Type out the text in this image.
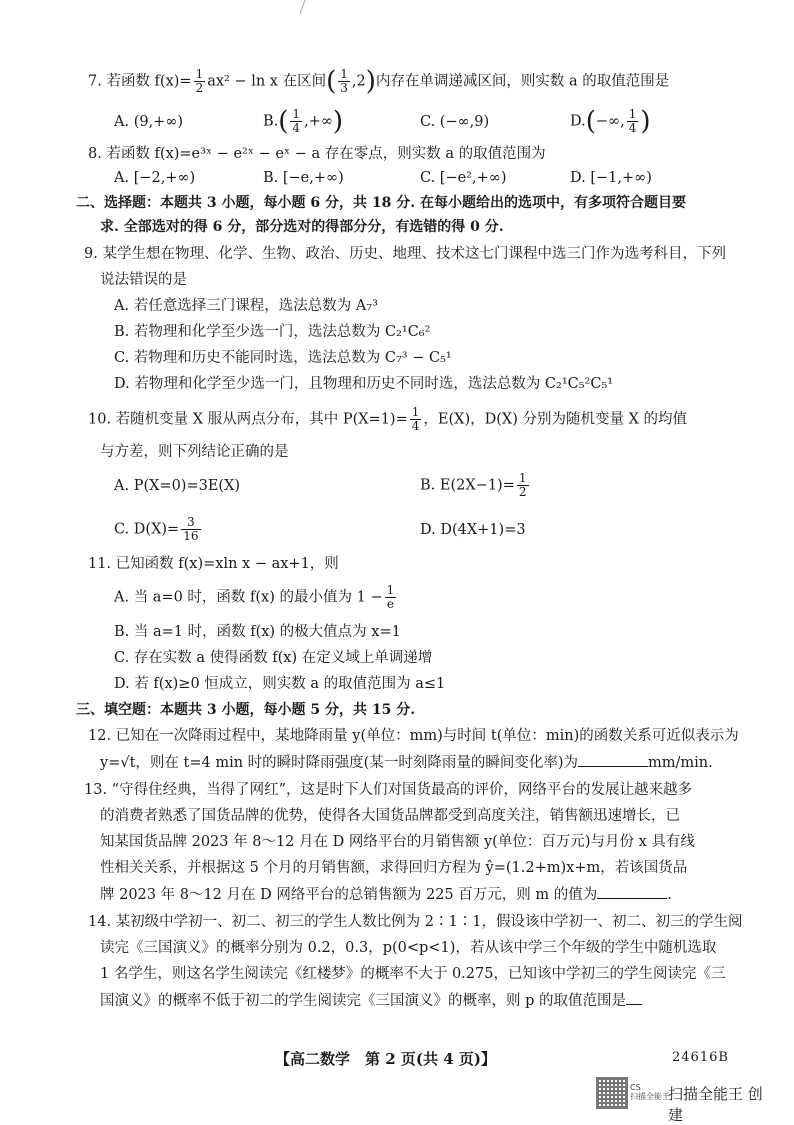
7. 若函数 $f(x)= \frac{1}{2} ax^2 - \ln x$ 在区间( $\frac{1}{3} ,2$)内存在单调递减区间，则实数 a 的取值范围是
A. (9,+∞)	$B.( \frac{1}{4}$ ,+∞)	C. (−∞,9)	D.(−∞, $\frac{1}{4}$ )
8. 若函数 f(x)=e³ˣ − e²ˣ − eˣ − a 存在零点，则实数 a 的取值范围为
A. [−2,+∞)	B. [−e,+∞)	C. [−e²,+∞)	D. [−1,+∞)
二、选择题：本题共 3 小题，每小题 6 分，共 18 分. 在每小题给出的选项中，有多项符合题目要
求. 全部选对的得 6 分，部分选对的得部分分，有选错的得 0 分.
9. 某学生想在物理、化学、生物、政治、历史、地理、技术这七门课程中选三门作为选考科目，下列
说法错误的是
A. 若任意选择三门课程，选法总数为 A₇³
B. 若物理和化学至少选一门，选法总数为 C₂¹C₆²
C. 若物理和历史不能同时选，选法总数为 C₇³ − C₅¹
D. 若物理和化学至少选一门，且物理和历史不同时选，选法总数为 C₂¹C₅²C₅¹
10. 若随机变量 X 服从两点分布，其中 $P(X=1)= \frac{1}{4}$ ，E(X)，D(X) 分别为随机变量 X 的均值
与方差，则下列结论正确的是
A. P(X=0)=3E(X)	B. $E(2X-1)= \frac{1}{2}$
C. $D(X)= \frac{3}{16}$	D. D(4X+1)=3
11. 已知函数 f(x)=xln x − ax+1，则
A. 当 a=0 时，函数 f(x) 的最小值为 $1 - \frac{1}{e}$
B. 当 a=1 时，函数 f(x) 的极大值点为 x=1
C. 存在实数 a 使得函数 f(x) 在定义域上单调递增
D. 若 f(x)≥0 恒成立，则实数 a 的取值范围为 a≤1
三、填空题：本题共 3 小题，每小题 5 分，共 15 分.
12. 已知在一次降雨过程中，某地降雨量 y(单位：mm)与时间 t(单位：min)的函数关系可近似表示为
y=√t，则在 t=4 min 时的瞬时降雨强度(某一时刻降雨量的瞬间变化率)为	mm/min.
13. “守得住经典，当得了网红”，这是时下人们对国货最高的评价，网络平台的发展让越来越多
的消费者熟悉了国货品牌的优势，使得各大国货品牌都受到高度关注，销售额迅速增长，已
知某国货品牌 2023 年 8～12 月在 D 网络平台的月销售额 y(单位：百万元)与月份 x 具有线
性相关关系，并根据这 5 个月的月销售额，求得回归方程为 ŷ=(1.2+m)x+m，若该国货品
牌 2023 年 8～12 月在 D 网络平台的总销售额为 225 百万元，则 m 的值为	.
14. 某初级中学初一、初二、初三的学生人数比例为 2∶1∶1，假设该中学初一、初二、初三的学生阅
读完《三国演义》的概率分别为 0.2，0.3，p(0<p<1)，若从该中学三个年级的学生中随机选取
1 名学生，则这名学生阅读完《红楼梦》的概率不大于 0.275，已知该中学初三的学生阅读完《三
国演义》的概率不低于初二的学生阅读完《三国演义》的概率，则 p 的取值范围是
【高二数学　第 2 页(共 4 页)】	24616B
CS
扫描全能王
扫描全能王 创建
